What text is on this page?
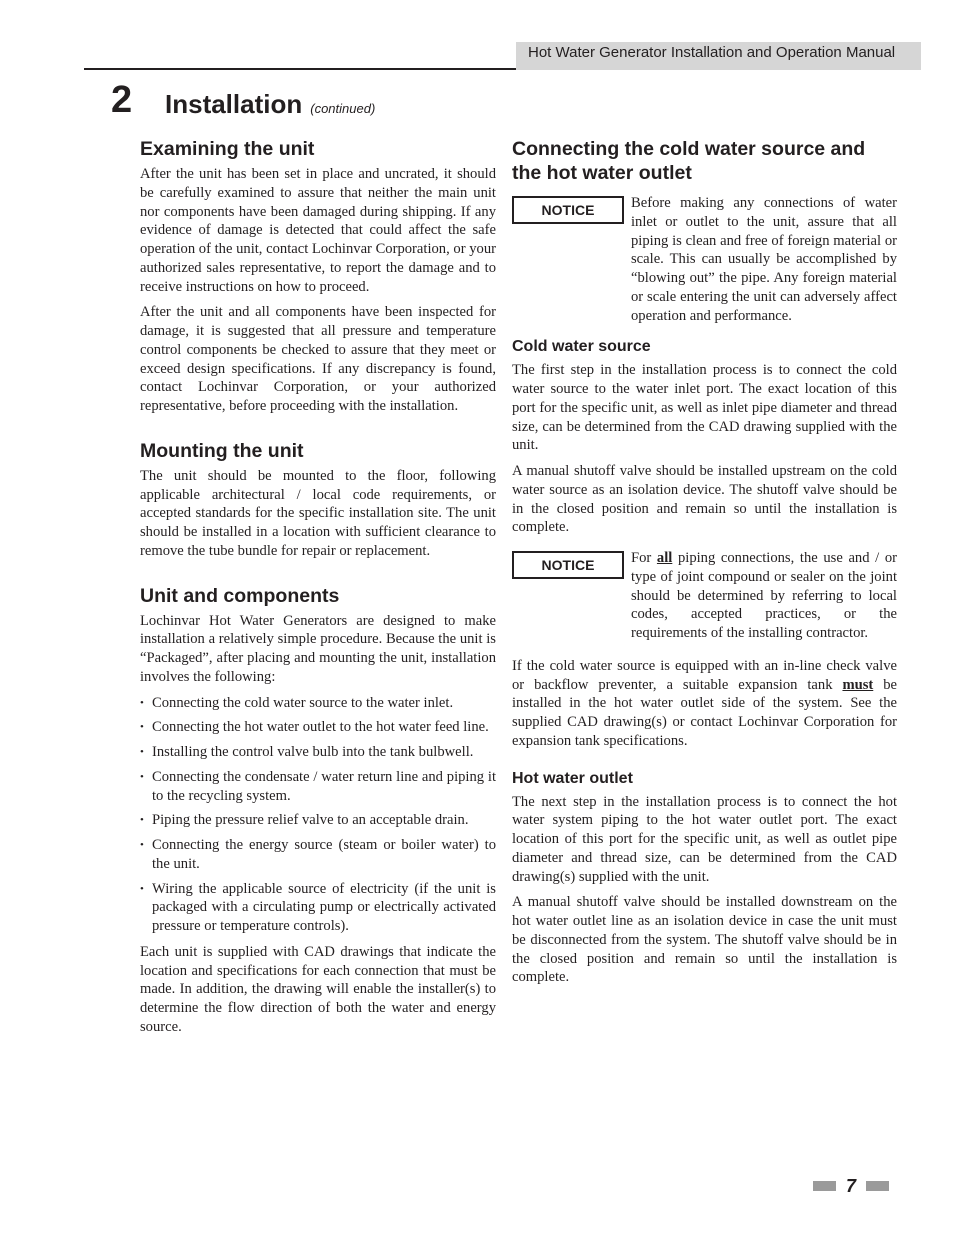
Hot Water Generator Installation and Operation Manual
2 Installation (continued)
Examining the unit

After the unit has been set in place and uncrated, it should be carefully examined to assure that neither the main unit nor components have been damaged during shipping. If any evidence of damage is detected that could affect the safe operation of the unit, contact Lochinvar Corporation, or your authorized sales representative, to report the damage and to receive instructions on how to proceed.

After the unit and all components have been inspected for damage, it is suggested that all pressure and temperature control components be checked to assure that they meet or exceed design specifications. If any discrepancy is found, contact Lochinvar Corporation, or your authorized representative, before proceeding with the installation.

Mounting the unit

The unit should be mounted to the floor, following applicable architectural / local code requirements, or accepted standards for the specific installation site. The unit should be installed in a location with sufficient clearance to remove the tube bundle for repair or replacement.

Unit and components

Lochinvar Hot Water Generators are designed to make installation a relatively simple procedure. Because the unit is “Packaged”, after placing and mounting the unit, installation involves the following:

• Connecting the cold water source to the water inlet.
• Connecting the hot water outlet to the hot water feed line.
• Installing the control valve bulb into the tank bulbwell.
• Connecting the condensate / water return line and piping it to the recycling system.
• Piping the pressure relief valve to an acceptable drain.
• Connecting the energy source (steam or boiler water) to the unit.
• Wiring the applicable source of electricity (if the unit is packaged with a circulating pump or electrically activated pressure or temperature controls).

Each unit is supplied with CAD drawings that indicate the location and specifications for each connection that must be made. In addition, the drawing will enable the installer(s) to determine the flow direction of both the water and energy source.

Connecting the cold water source and the hot water outlet
NOTICE	Before making any connections of water inlet or outlet to the unit, assure that all piping is clean and free of foreign material or scale. This can usually be accomplished by “blowing out” the pipe. Any foreign material or scale entering the unit can adversely affect operation and performance.

Cold water source

The first step in the installation process is to connect the cold water source to the water inlet port. The exact location of this port for the specific unit, as well as inlet pipe diameter and thread size, can be determined from the CAD drawing supplied with the unit.

A manual shutoff valve should be installed upstream on the cold water source as an isolation device. The shutoff valve should be in the closed position and remain so until the installation is complete.

NOTICE	For all piping connections, the use and / or type of joint compound or sealer on the joint should be determined by referring to local codes, accepted practices, or the requirements of the installing contractor.

If the cold water source is equipped with an in-line check valve or backflow preventer, a suitable expansion tank must be installed in the hot water outlet side of the system. See the supplied CAD drawing(s) or contact Lochinvar Corporation for expansion tank specifications.

Hot water outlet

The next step in the installation process is to connect the hot water system piping to the hot water outlet port. The exact location of this port for the specific unit, as well as outlet pipe diameter and thread size, can be determined from the CAD drawing(s) supplied with the unit.

A manual shutoff valve should be installed downstream on the hot water outlet line as an isolation device in case the unit must be disconnected from the system. The shutoff valve should be in the closed position and remain so until the installation is complete.

7
